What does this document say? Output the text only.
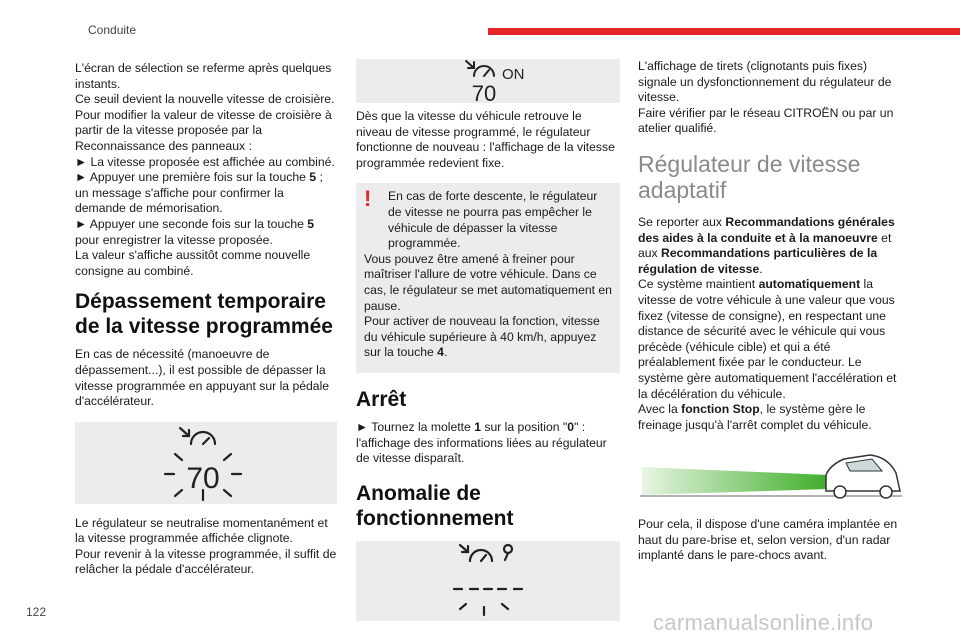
Conduite

L'écran de sélection se referme après quelques instants.

Ce seuil devient la nouvelle vitesse de croisière.

Pour modifier la valeur de vitesse de croisière à partir de la vitesse proposée par la Reconnaissance des panneaux :

► La vitesse proposée est affichée au combiné.

► Appuyer une première fois sur la touche 5 ; un message s'affiche pour confirmer la demande de mémorisation.

► Appuyer une seconde fois sur la touche 5 pour enregistrer la vitesse proposée.

La valeur s'affiche aussitôt comme nouvelle consigne au combiné.

Dépassement temporaire de la vitesse programmée

En cas de nécessité (manoeuvre de dépassement...), il est possible de dépasser la vitesse programmée en appuyant sur la pédale d'accélérateur.

70

Le régulateur se neutralise momentanément et la vitesse programmée affichée clignote.

Pour revenir à la vitesse programmée, il suffit de relâcher la pédale d'accélérateur.

ON
70

Dès que la vitesse du véhicule retrouve le niveau de vitesse programmé, le régulateur fonctionne de nouveau : l'affichage de la vitesse programmée redevient fixe.

!	En cas de forte descente, le régulateur de vitesse ne pourra pas empêcher le véhicule de dépasser la vitesse programmée.

Vous pouvez être amené à freiner pour maîtriser l'allure de votre véhicule. Dans ce cas, le régulateur se met automatiquement en pause.

Pour activer de nouveau la fonction, vitesse du véhicule supérieure à 40 km/h, appuyez sur la touche 4.

Arrêt

► Tournez la molette 1 sur la position "0" : l'affichage des informations liées au régulateur de vitesse disparaît.

Anomalie de fonctionnement

L'affichage de tirets (clignotants puis fixes) signale un dysfonctionnement du régulateur de vitesse.

Faire vérifier par le réseau CITROËN ou par un atelier qualifié.

Régulateur de vitesse adaptatif

Se reporter aux Recommandations générales des aides à la conduite et à la manoeuvre et aux Recommandations particulières de la régulation de vitesse.

Ce système maintient automatiquement la vitesse de votre véhicule à une valeur que vous fixez (vitesse de consigne), en respectant une distance de sécurité avec le véhicule qui vous précède (véhicule cible) et qui a été préalablement fixée par le conducteur. Le système gère automatiquement l'accélération et la décélération du véhicule.

Avec la fonction Stop, le système gère le freinage jusqu'à l'arrêt complet du véhicule.

Pour cela, il dispose d'une caméra implantée en haut du pare-brise et, selon version, d'un radar implanté dans le pare-chocs avant.

122	carmanualsonline.info
